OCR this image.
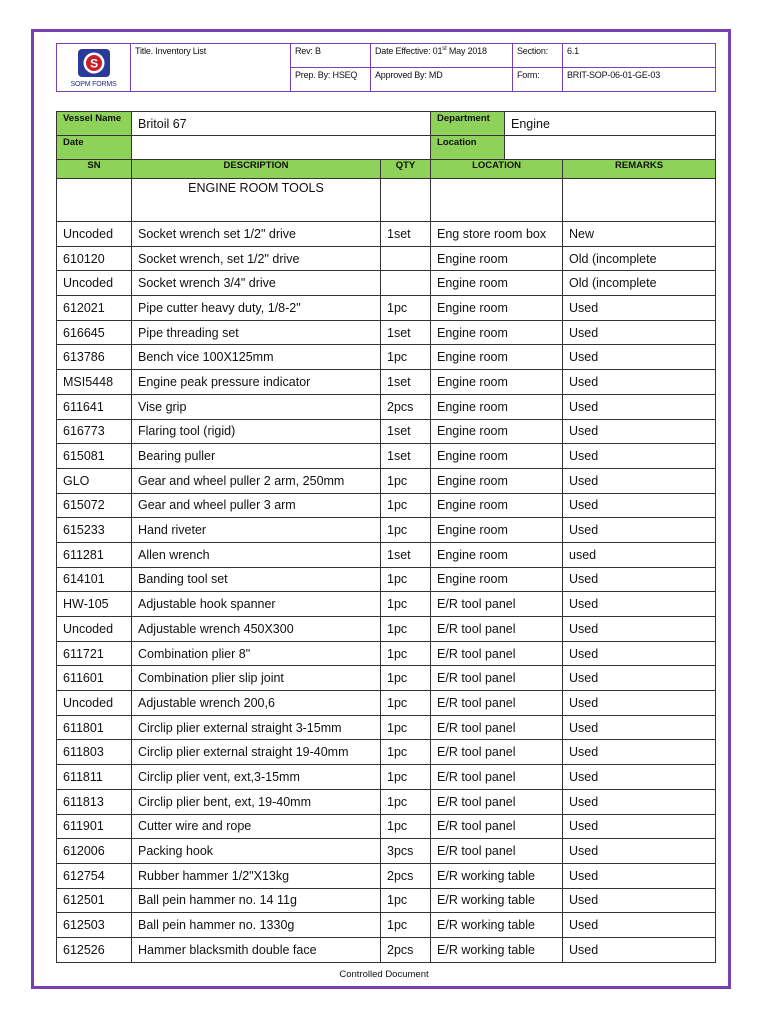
S
SOPM FORMS	Title. Inventory List	Rev: B	Date Effective: 01st May 2018	Section:	6.1
		Prep. By: HSEQ	Approved By: MD	Form:	BRIT-SOP-06-01-GE-03
Vessel Name	Britoil 67		Department	Engine	
Date			Location		
SN	DESCRIPTION	QTY	LOCATION		REMARKS
	ENGINE ROOM TOOLS				
Uncoded	Socket wrench set 1/2" drive	1set	Eng store room box		New
610120	Socket wrench, set 1/2" drive		Engine room		Old (incomplete
Uncoded	Socket wrench 3/4" drive		Engine room		Old (incomplete
612021	Pipe cutter heavy duty, 1/8-2"	1pc	Engine room		Used
616645	Pipe threading set	1set	Engine room		Used
613786	Bench vice 100X125mm	1pc	Engine room		Used
MSI5448	Engine peak pressure indicator	1set	Engine room		Used
611641	Vise grip	2pcs	Engine room		Used
616773	Flaring tool (rigid)	1set	Engine room		Used
615081	Bearing puller	1set	Engine room		Used
GLO	Gear and wheel puller 2 arm, 250mm	1pc	Engine room		Used
615072	Gear and wheel puller 3 arm	1pc	Engine room		Used
615233	Hand riveter	1pc	Engine room		Used
611281	Allen wrench	1set	Engine room		used
614101	Banding tool set	1pc	Engine room		Used
HW-105	Adjustable hook spanner	1pc	E/R tool panel		Used
Uncoded	Adjustable wrench 450X300	1pc	E/R tool panel		Used
611721	Combination plier 8"	1pc	E/R tool panel		Used
611601	Combination plier slip joint	1pc	E/R tool panel		Used
Uncoded	Adjustable wrench 200,6	1pc	E/R tool panel		Used
611801	Circlip plier external straight 3-15mm	1pc	E/R tool panel		Used
611803	Circlip plier external straight 19-40mm	1pc	E/R tool panel		Used
611811	Circlip plier vent, ext,3-15mm	1pc	E/R tool panel		Used
611813	Circlip plier bent, ext, 19-40mm	1pc	E/R tool panel		Used
611901	Cutter wire and rope	1pc	E/R tool panel		Used
612006	Packing hook	3pcs	E/R tool panel		Used
612754	Rubber hammer 1/2"X13kg	2pcs	E/R working table		Used
612501	Ball pein hammer no. 14 11g	1pc	E/R working table		Used
612503	Ball pein hammer no. 1330g	1pc	E/R working table		Used
612526	Hammer blacksmith double face	2pcs	E/R working table		Used
Controlled Document
